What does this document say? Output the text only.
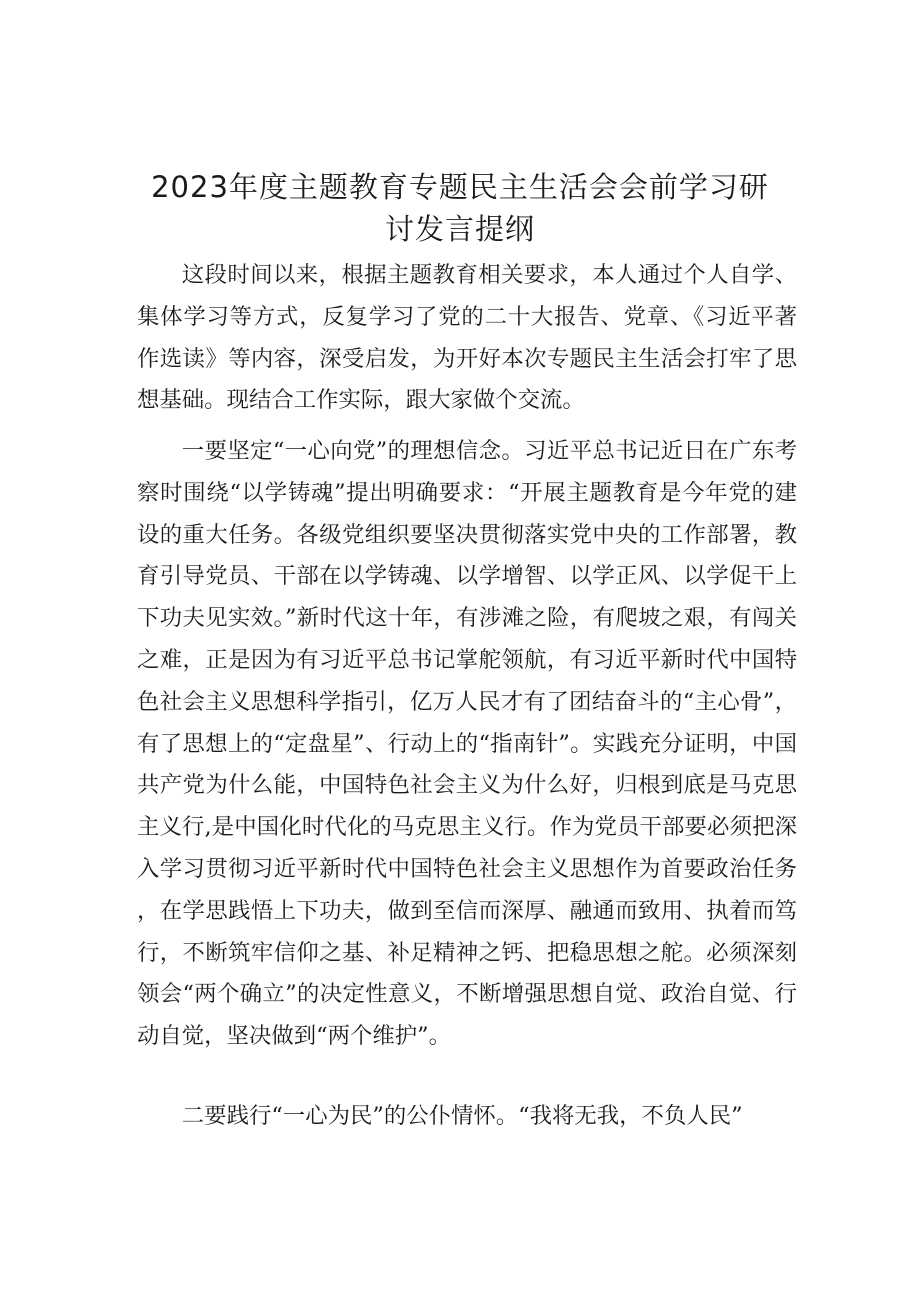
2023年度主题教育专题民主生活会会前学习研
讨发言提纲

这段时间以来，根据主题教育相关要求，本人通过个人自学、集体学习等方式，反复学习了党的二十大报告、党章、《习近平著作选读》等内容，深受启发，为开好本次专题民主生活会打牢了思想基础。现结合工作实际，跟大家做个交流。

一要坚定“一心向党”的理想信念。习近平总书记近日在广东考察时围绕“以学铸魂”提出明确要求：“开展主题教育是今年党的建设的重大任务。各级党组织要坚决贯彻落实党中央的工作部署，教育引导党员、干部在以学铸魂、以学增智、以学正风、以学促干上下功夫见实效。”新时代这十年，有涉滩之险，有爬坡之艰，有闯关之难，正是因为有习近平总书记掌舵领航，有习近平新时代中国特色社会主义思想科学指引，亿万人民才有了团结奋斗的“主心骨”，有了思想上的“定盘星”、行动上的“指南针”。实践充分证明，中国共产党为什么能，中国特色社会主义为什么好，归根到底是马克思主义行,是中国化时代化的马克思主义行。作为党员干部要必须把深入学习贯彻习近平新时代中国特色社会主义思想作为首要政治任务，在学思践悟上下功夫，做到至信而深厚、融通而致用、执着而笃行，不断筑牢信仰之基、补足精神之钙、把稳思想之舵。必须深刻领会“两个确立”的决定性意义，不断增强思想自觉、政治自觉、行动自觉，坚决做到“两个维护”。

二要践行“一心为民”的公仆情怀。“我将无我，不负人民”
